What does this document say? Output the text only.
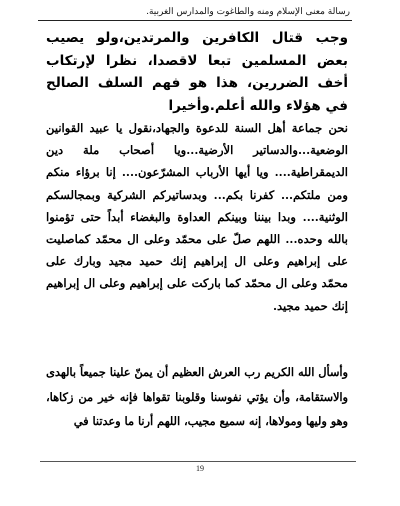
رسالة معنى الإسلام ومنه والطاغوت والمدارس الغربية.

وجب قتال الكافرين والمرتدين،ولو يصيب بعض المسلمين تبعا لاقصدا، نظرا لإرتكاب أخف الضررين، هذا هو فهم السلف الصالح في هؤلاء والله أعلم.وأخيرا

نحن جماعة أهل السنة للدعوة والجهاد،نقول يا عبيد القوانين الوضعية...والدساتير الأرضية...ويا أصحاب ملة دين الديمقراطية.... ويا أيها الأرباب المشرّعون.... إنا برؤاء منكم ومن ملتكم... كفرنا بكم... وبدساتيركم الشركية وبمجالسكم الوثنية.... وبدا بيننا وبينكم العداوة والبغضاء أبداً حتى تؤمنوا بالله وحده... اللهم صلّ على محمّد وعلى ال محمّد كماصليت على إبراهيم وعلى ال إبراهيم إنك حميد مجيد وبارك على محمّد وعلى ال محمّد كما باركت على إبراهيم وعلى ال إبراهيم إنك حميد مجيد.

وأسأل الله الكريم رب العرش العظيم أن يمنّ علينا جميعاً بالهدى والاستقامة، وأن يؤتي نفوسنا وقلوبنا تقواها فإنه خير من زكاها، وهو وليها ومولاها، إنه سميع مجيب، اللهم أرنا ما وعدتنا في

19
